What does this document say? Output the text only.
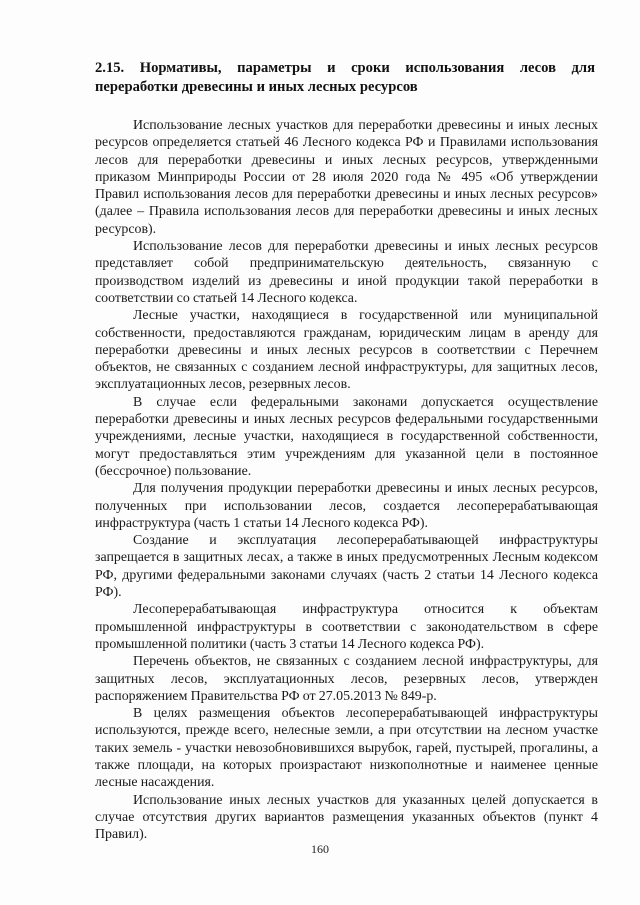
2.15. Нормативы, параметры и сроки использования лесов для переработки древесины и иных лесных ресурсов

Использование лесных участков для переработки древесины и иных лесных ресурсов определяется статьей 46 Лесного кодекса РФ и Правилами использования лесов для переработки древесины и иных лесных ресурсов, утвержденными приказом Минприроды России от 28 июля 2020 года № 495 «Об утверждении Правил использования лесов для переработки древесины и иных лесных ресурсов» (далее – Правила использования лесов для переработки древесины и иных лесных ресурсов).

Использование лесов для переработки древесины и иных лесных ресурсов представляет собой предпринимательскую деятельность, связанную с производством изделий из древесины и иной продукции такой переработки в соответствии со статьей 14 Лесного кодекса.

Лесные участки, находящиеся в государственной или муниципальной собственности, предоставляются гражданам, юридическим лицам в аренду для переработки древесины и иных лесных ресурсов в соответствии с Перечнем объектов, не связанных с созданием лесной инфраструктуры, для защитных лесов, эксплуатационных лесов, резервных лесов.

В случае если федеральными законами допускается осуществление переработки древесины и иных лесных ресурсов федеральными государственными учреждениями, лесные участки, находящиеся в государственной собственности, могут предоставляться этим учреждениям для указанной цели в постоянное (бессрочное) пользование.

Для получения продукции переработки древесины и иных лесных ресурсов, полученных при использовании лесов, создается лесоперерабатывающая инфраструктура (часть 1 статьи 14 Лесного кодекса РФ).

Создание и эксплуатация лесоперерабатывающей инфраструктуры запрещается в защитных лесах, а также в иных предусмотренных Лесным кодексом РФ, другими федеральными законами случаях (часть 2 статьи 14 Лесного кодекса РФ).

Лесоперерабатывающая инфраструктура относится к объектам промышленной инфраструктуры в соответствии с законодательством в сфере промышленной политики (часть 3 статьи 14 Лесного кодекса РФ).

Перечень объектов, не связанных с созданием лесной инфраструктуры, для защитных лесов, эксплуатационных лесов, резервных лесов, утвержден распоряжением Правительства РФ от 27.05.2013 № 849-р.

В целях размещения объектов лесоперерабатывающей инфраструктуры используются, прежде всего, нелесные земли, а при отсутствии на лесном участке таких земель - участки невозобновившихся вырубок, гарей, пустырей, прогалины, а также площади, на которых произрастают низкополнотные и наименее ценные лесные насаждения.

Использование иных лесных участков для указанных целей допускается в случае отсутствия других вариантов размещения указанных объектов (пункт 4 Правил).

160
